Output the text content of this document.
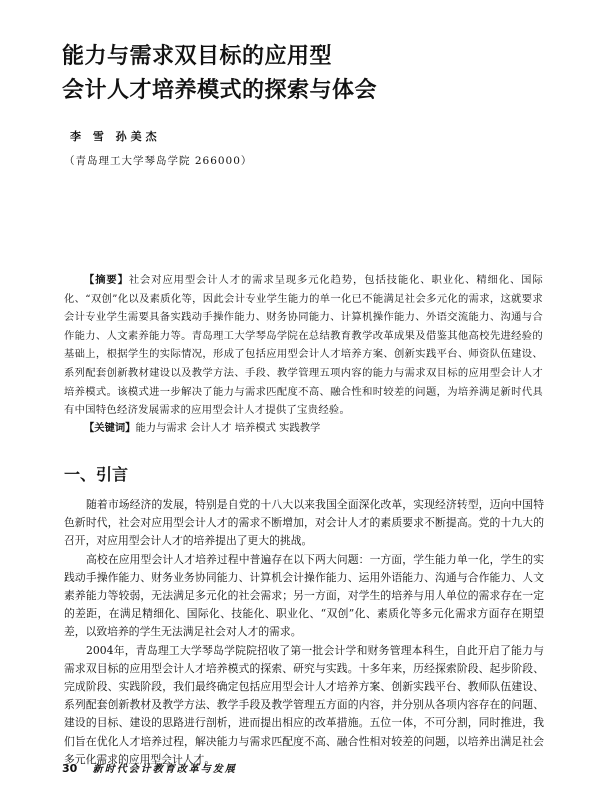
能力与需求双目标的应用型
会计人才培养模式的探索与体会

李 雪 孙美杰

（青岛理工大学琴岛学院 266000）

【摘要】社会对应用型会计人才的需求呈现多元化趋势，包括技能化、职业化、精细化、国际化、“双创”化以及素质化等，因此会计专业学生能力的单一化已不能满足社会多元化的需求，这就要求会计专业学生需要具备实践动手操作能力、财务协同能力、计算机操作能力、外语交流能力、沟通与合作能力、人文素养能力等。青岛理工大学琴岛学院在总结教育教学改革成果及借鉴其他高校先进经验的基础上，根据学生的实际情况，形成了包括应用型会计人才培养方案、创新实践平台、师资队伍建设、系列配套创新教材建设以及教学方法、手段、教学管理五项内容的能力与需求双目标的应用型会计人才培养模式。该模式进一步解决了能力与需求匹配度不高、融合性和时较差的问题，为培养满足新时代具有中国特色经济发展需求的应用型会计人才提供了宝贵经验。

【关键词】能力与需求 会计人才 培养模式 实践教学

一、引言

随着市场经济的发展，特别是自党的十八大以来我国全面深化改革，实现经济转型，迈向中国特色新时代，社会对应用型会计人才的需求不断增加，对会计人才的素质要求不断提高。党的十九大的召开，对应用型会计人才的培养提出了更大的挑战。

高校在应用型会计人才培养过程中普遍存在以下两大问题：一方面，学生能力单一化，学生的实践动手操作能力、财务业务协同能力、计算机会计操作能力、运用外语能力、沟通与合作能力、人文素养能力等较弱，无法满足多元化的社会需求；另一方面，对学生的培养与用人单位的需求存在一定的差距，在满足精细化、国际化、技能化、职业化、“双创”化、素质化等多元化需求方面存在期望差，以致培养的学生无法满足社会对人才的需求。

2004年，青岛理工大学琴岛学院院招收了第一批会计学和财务管理本科生，自此开启了能力与需求双目标的应用型会计人才培养模式的探索、研究与实践。十多年来，历经探索阶段、起步阶段、完成阶段、实践阶段，我们最终确定包括应用型会计人才培养方案、创新实践平台、教师队伍建设、系列配套创新教材及教学方法、教学手段及教学管理五方面的内容，并分别从各项内容存在的问题、建设的目标、建设的思路进行剖析，进而提出相应的改革措施。五位一体，不可分割，同时推进，我们旨在优化人才培养过程，解决能力与需求匹配度不高、融合性相对较差的问题，以培养出满足社会多元化需求的应用型会计人才。

30 新时代会计教育改革与发展
